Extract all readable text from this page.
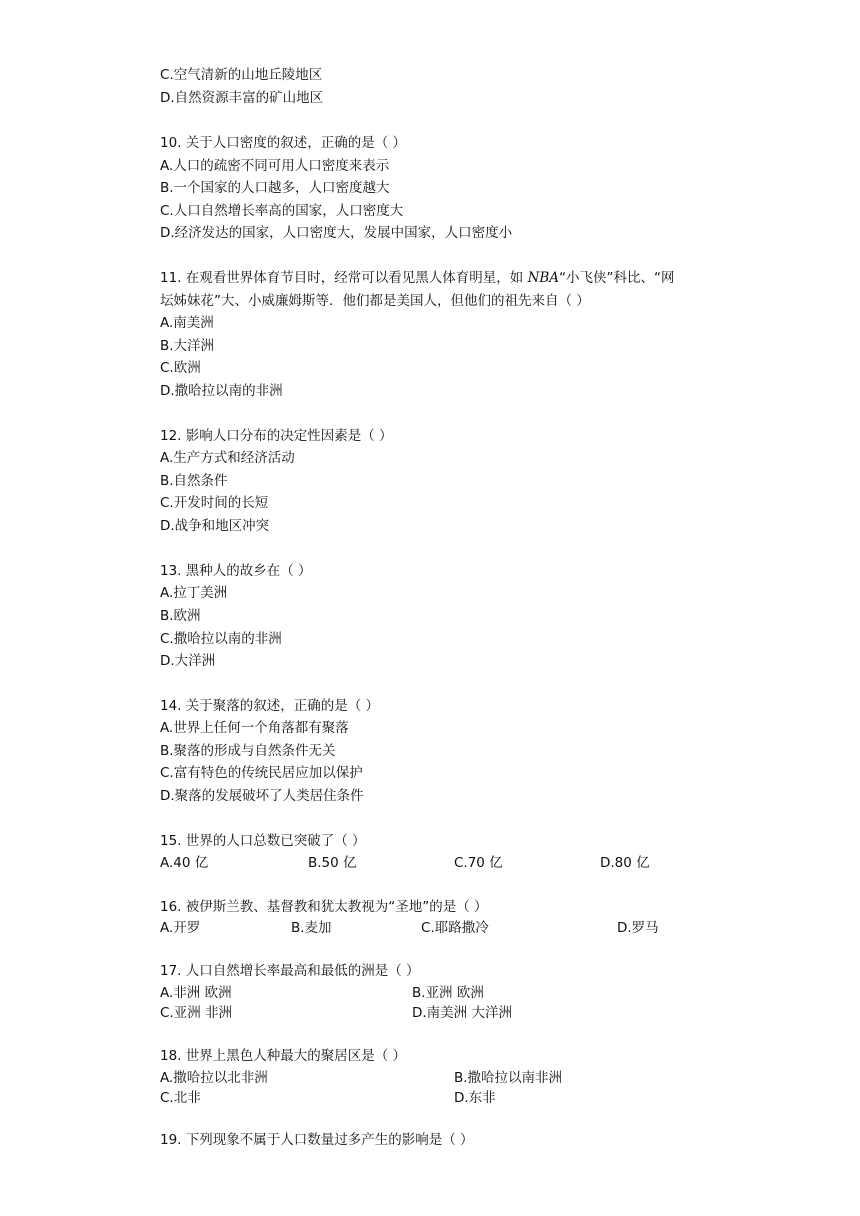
C.空气清新的山地丘陵地区
D.自然资源丰富的矿山地区
10. 关于人口密度的叙述，正确的是（ ）
A.人口的疏密不同可用人口密度来表示
B.一个国家的人口越多，人口密度越大
C.人口自然增长率高的国家，人口密度大
D.经济发达的国家，人口密度大，发展中国家，人口密度小
11. 在观看世界体育节目时，经常可以看见黑人体育明星，如 NBA“小飞侠”科比、“网
坛姊妹花”大、小威廉姆斯等．他们都是美国人，但他们的祖先来自（ ）
A.南美洲
B.大洋洲
C.欧洲
D.撒哈拉以南的非洲
12. 影响人口分布的决定性因素是（ ）
A.生产方式和经济活动
B.自然条件
C.开发时间的长短
D.战争和地区冲突
13. 黑种人的故乡在（ ）
A.拉丁美洲
B.欧洲
C.撒哈拉以南的非洲
D.大洋洲
14. 关于聚落的叙述，正确的是（ ）
A.世界上任何一个角落都有聚落
B.聚落的形成与自然条件无关
C.富有特色的传统民居应加以保护
D.聚落的发展破坏了人类居住条件
15. 世界的人口总数已突破了（ ）
A.40 亿	B.50 亿	C.70 亿	D.80 亿
16. 被伊斯兰教、基督教和犹太教视为“圣地”的是（ ）
A.开罗	B.麦加	C.耶路撒冷	D.罗马
17. 人口自然增长率最高和最低的洲是（ ）
A.非洲 欧洲	B.亚洲 欧洲
C.亚洲 非洲	D.南美洲 大洋洲
18. 世界上黑色人种最大的聚居区是（ ）
A.撒哈拉以北非洲	B.撒哈拉以南非洲
C.北非	D.东非
19. 下列现象不属于人口数量过多产生的影响是（ ）
